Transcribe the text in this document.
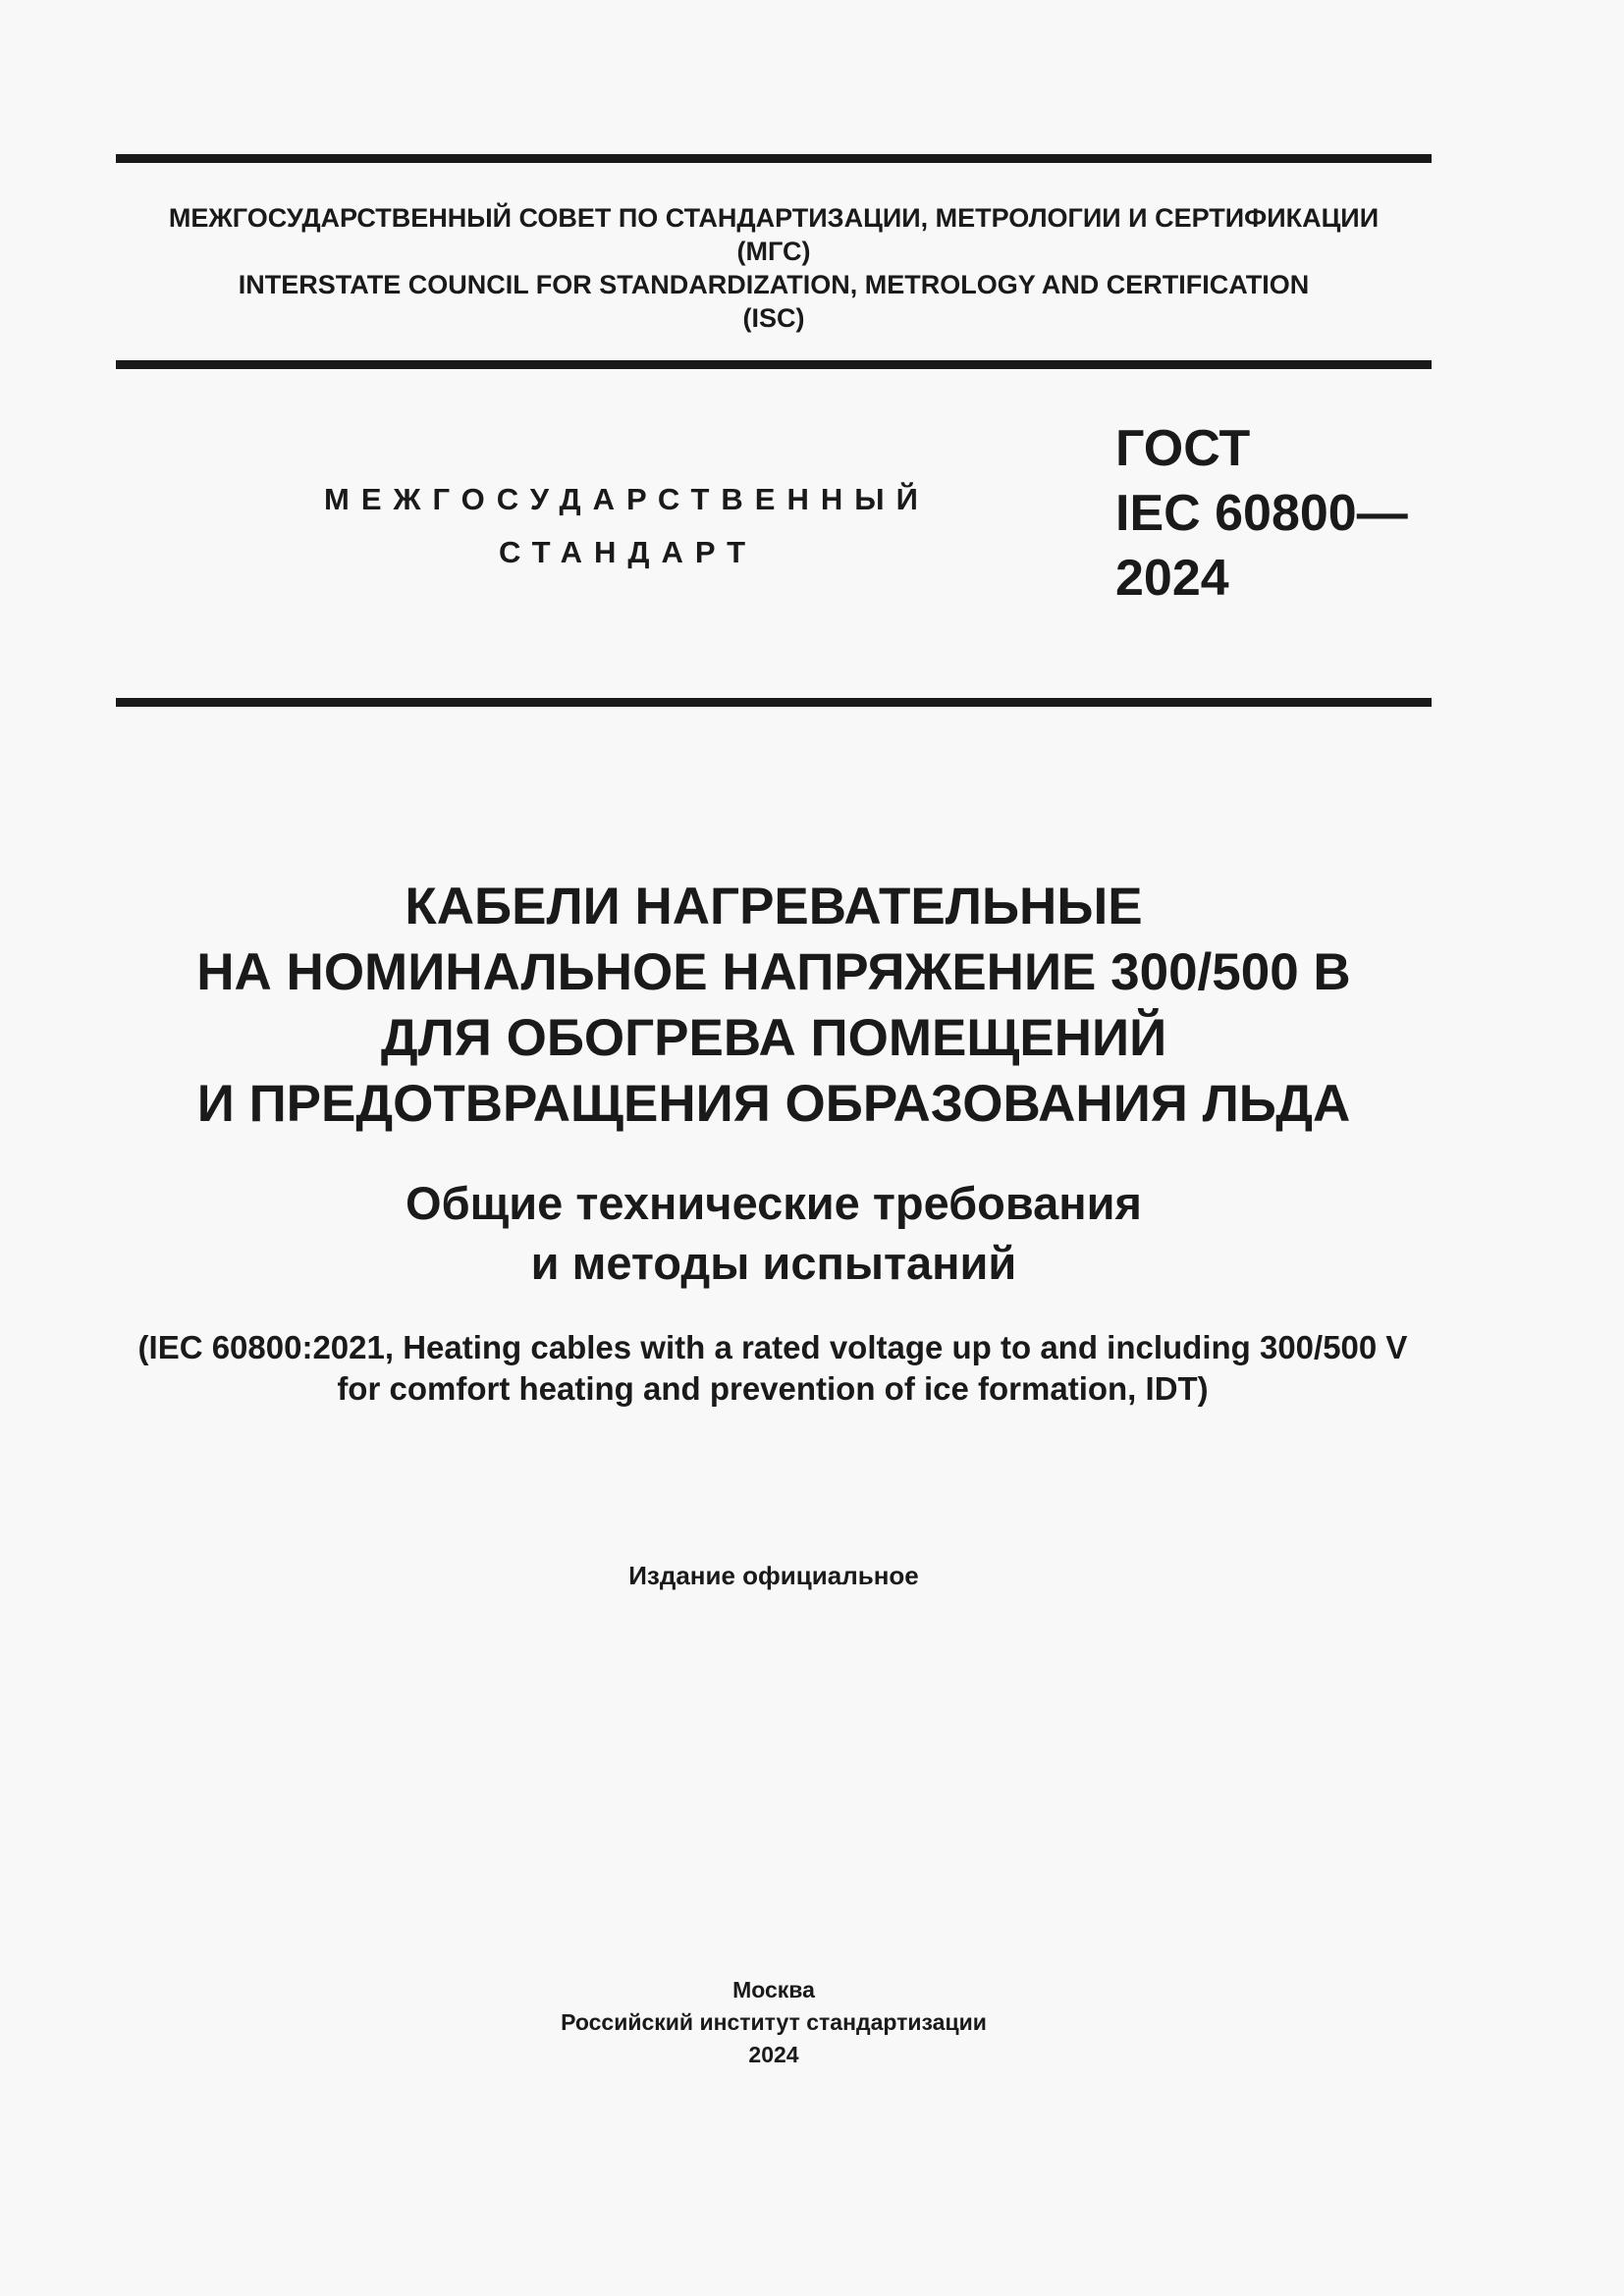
МЕЖГОСУДАРСТВЕННЫЙ СОВЕТ ПО СТАНДАРТИЗАЦИИ, МЕТРОЛОГИИ И СЕРТИФИКАЦИИ
(МГС)
INTERSTATE COUNCIL FOR STANDARDIZATION, METROLOGY AND CERTIFICATION
(ISC)
МЕЖГОСУДАРСТВЕННЫЙ
СТАНДАРТ
ГОСТ
IEC 60800—
2024
КАБЕЛИ НАГРЕВАТЕЛЬНЫЕ
НА НОМИНАЛЬНОЕ НАПРЯЖЕНИЕ 300/500 В
ДЛЯ ОБОГРЕВА ПОМЕЩЕНИЙ
И ПРЕДОТВРАЩЕНИЯ ОБРАЗОВАНИЯ ЛЬДА
Общие технические требования
и методы испытаний
(IEC 60800:2021, Heating cables with a rated voltage up to and including 300/500 V
for comfort heating and prevention of ice formation, IDT)
Издание официальное
Москва
Российский институт стандартизации
2024
